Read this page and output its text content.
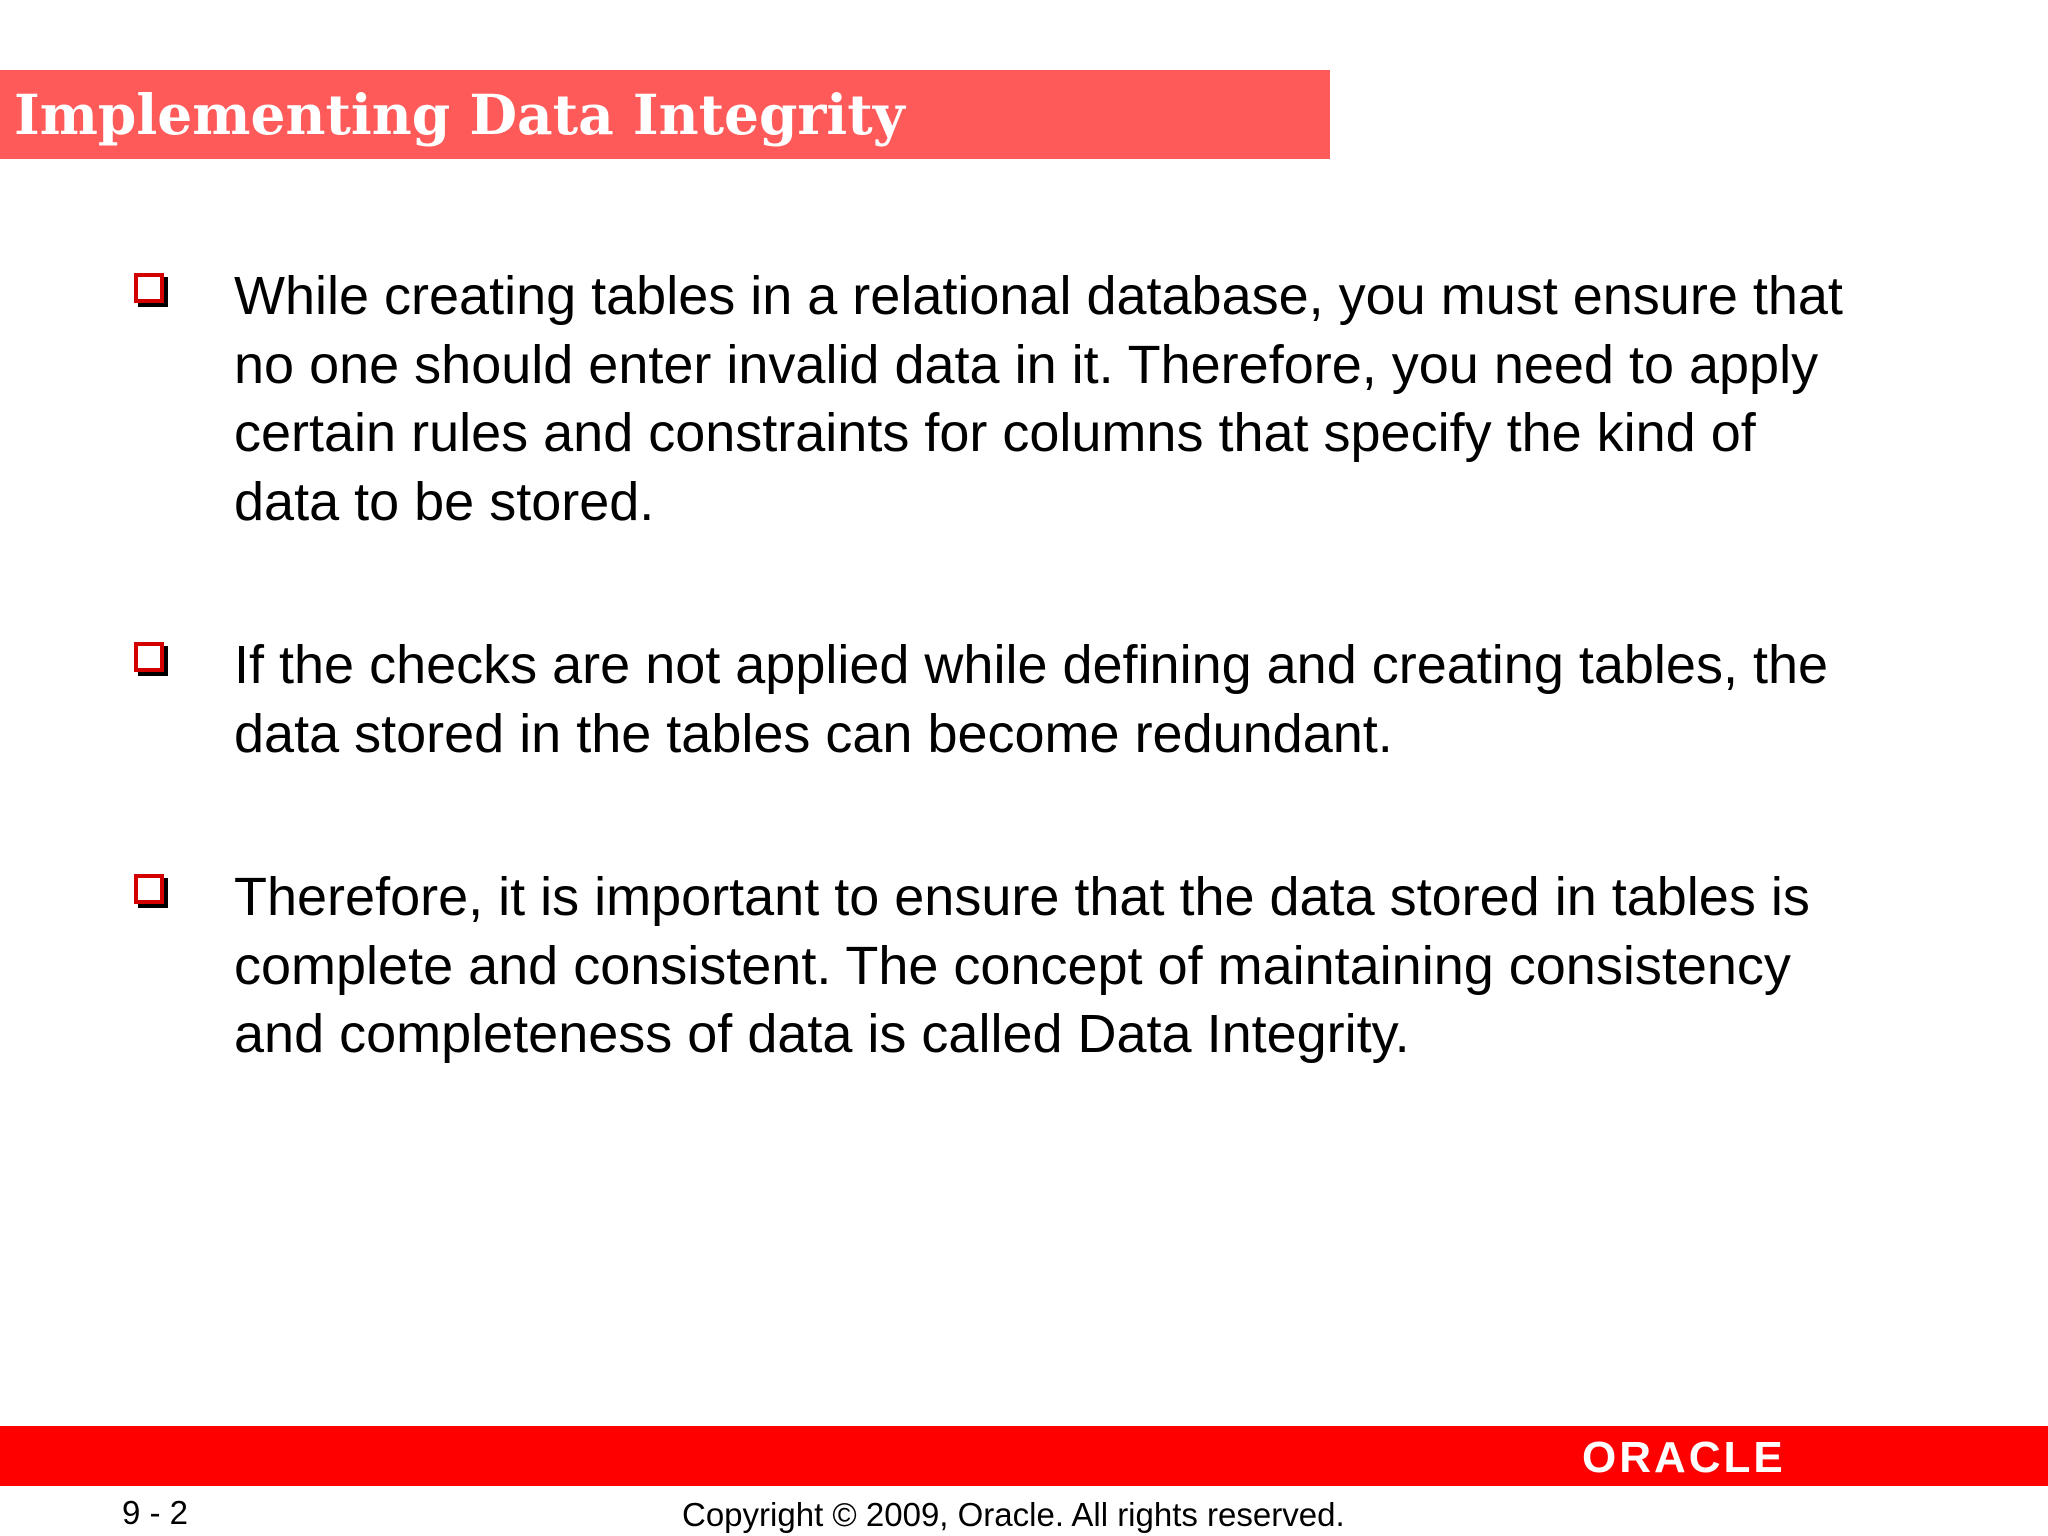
Implementing Data Integrity
While creating tables in a relational database, you must ensure that
no one should enter invalid data in it. Therefore, you need to apply
certain rules and constraints for columns that specify the kind of
data to be stored.
If the checks are not applied while defining and creating tables, the
data stored in the tables can become redundant.
Therefore, it is important to ensure that the data stored in tables is
complete and consistent. The concept of maintaining consistency
and completeness of data is called Data Integrity.
ORACLE
9 - 2	Copyright © 2009, Oracle. All rights reserved.
